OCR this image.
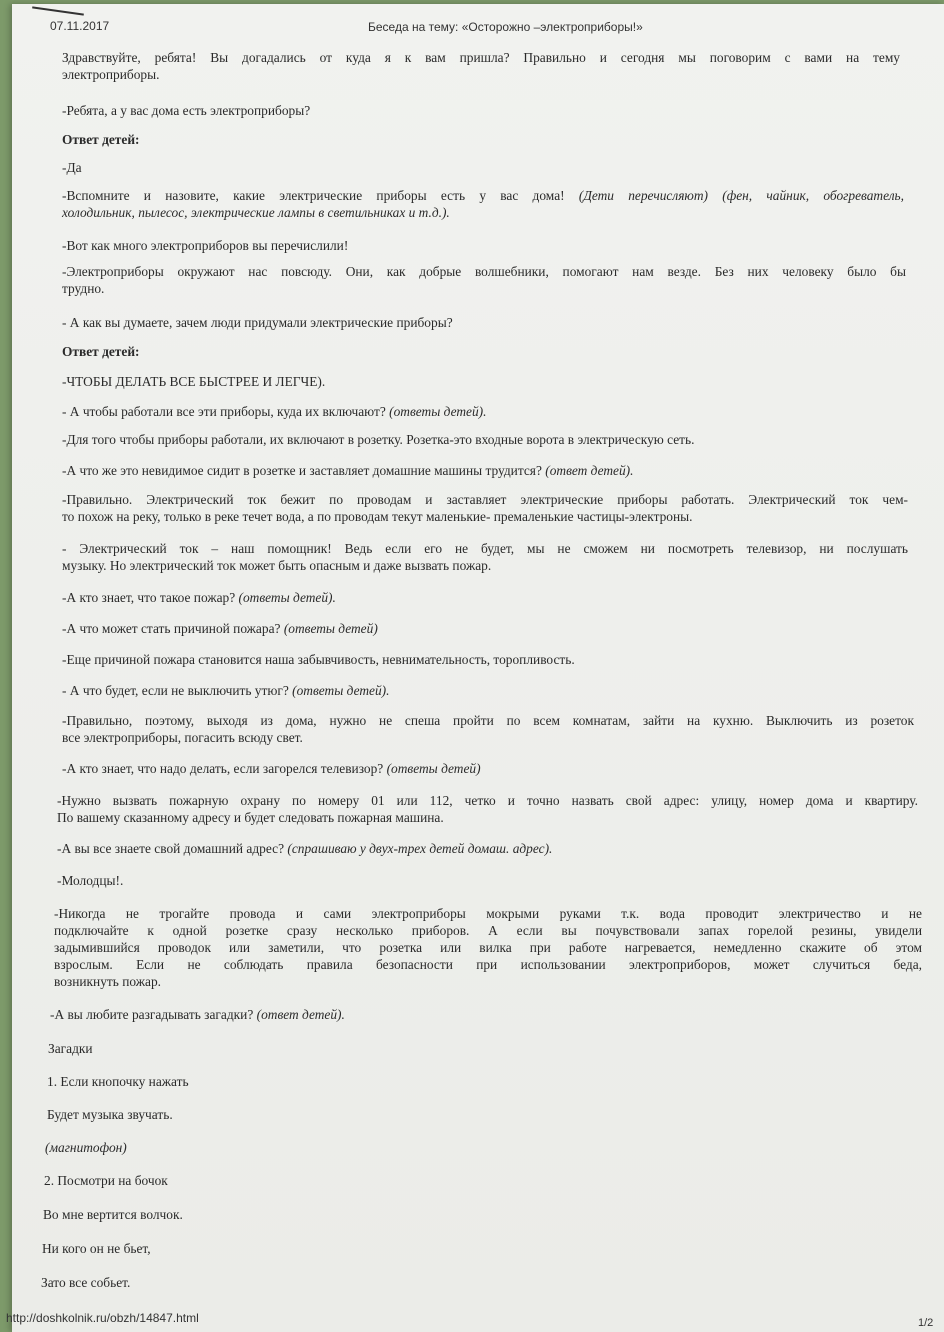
07.11.2017	Беседа на тему: «Осторожно –электроприборы!»
Здравствуйте, ребята! Вы догадались от куда я к вам пришла? Правильно и сегодня мы поговорим с вами на тему
электроприборы.
-Ребята, а у вас дома есть электроприборы?
Ответ детей:
-Да
-Вспомните и назовите, какие электрические приборы есть у вас дома! (Дети перечисляют) (фен, чайник, обогреватель,
холодильник, пылесос, электрические лампы в светильниках и т.д.).
-Вот как много электроприборов вы перечислили!
-Электроприборы окружают нас повсюду. Они, как добрые волшебники, помогают нам везде. Без них человеку было бы
трудно.
- А как вы думаете, зачем люди придумали электрические приборы?
Ответ детей:
-ЧТОБЫ ДЕЛАТЬ ВСЕ БЫСТРЕЕ И ЛЕГЧЕ).
- А чтобы работали все эти приборы, куда их включают? (ответы детей).
-Для того чтобы приборы работали, их включают в розетку. Розетка-это входные ворота в электрическую сеть.
-А что же это невидимое сидит в розетке и заставляет домашние машины трудится? (ответ детей).
-Правильно. Электрический ток бежит по проводам и заставляет электрические приборы работать. Электрический ток чем-
то похож на реку, только в реке течет вода, а по проводам текут маленькие- премаленькие частицы-электроны.
- Электрический ток – наш помощник! Ведь если его не будет, мы не сможем ни посмотреть телевизор, ни послушать
музыку. Но электрический ток может быть опасным и даже вызвать пожар.
-А кто знает, что такое пожар? (ответы детей).
-А что может стать причиной пожара? (ответы детей)
-Еще причиной пожара становится наша забывчивость, невнимательность, торопливость.
- А что будет, если не выключить утюг? (ответы детей).
-Правильно, поэтому, выходя из дома, нужно не спеша пройти по всем комнатам, зайти на кухню. Выключить из розеток
все электроприборы, погасить всюду свет.
-А кто знает, что надо делать, если загорелся телевизор? (ответы детей)
-Нужно вызвать пожарную охрану по номеру 01 или 112, четко и точно назвать свой адрес: улицу, номер дома и квартиру.
По вашему сказанному адресу и будет следовать пожарная машина.
-А вы все знаете свой домашний адрес? (спрашиваю у двух-трех детей домаш. адрес).
-Молодцы!.
-Никогда не трогайте провода и сами электроприборы мокрыми руками т.к. вода проводит электричество и не
подключайте к одной розетке сразу несколько приборов. А если вы почувствовали запах горелой резины, увидели
задымившийся проводок или заметили, что розетка или вилка при работе нагревается, немедленно скажите об этом
взрослым. Если не соблюдать правила безопасности при использовании электроприборов, может случиться беда,
возникнуть пожар.
-А вы любите разгадывать загадки? (ответ детей).
Загадки
1. Если кнопочку нажать
Будет музыка звучать.
(магнитофон)
2. Посмотри на бочок
Во мне вертится волчок.
Ни кого он не бьет,
Зато все собьет.
http://doshkolnik.ru/obzh/14847.html	1/2
